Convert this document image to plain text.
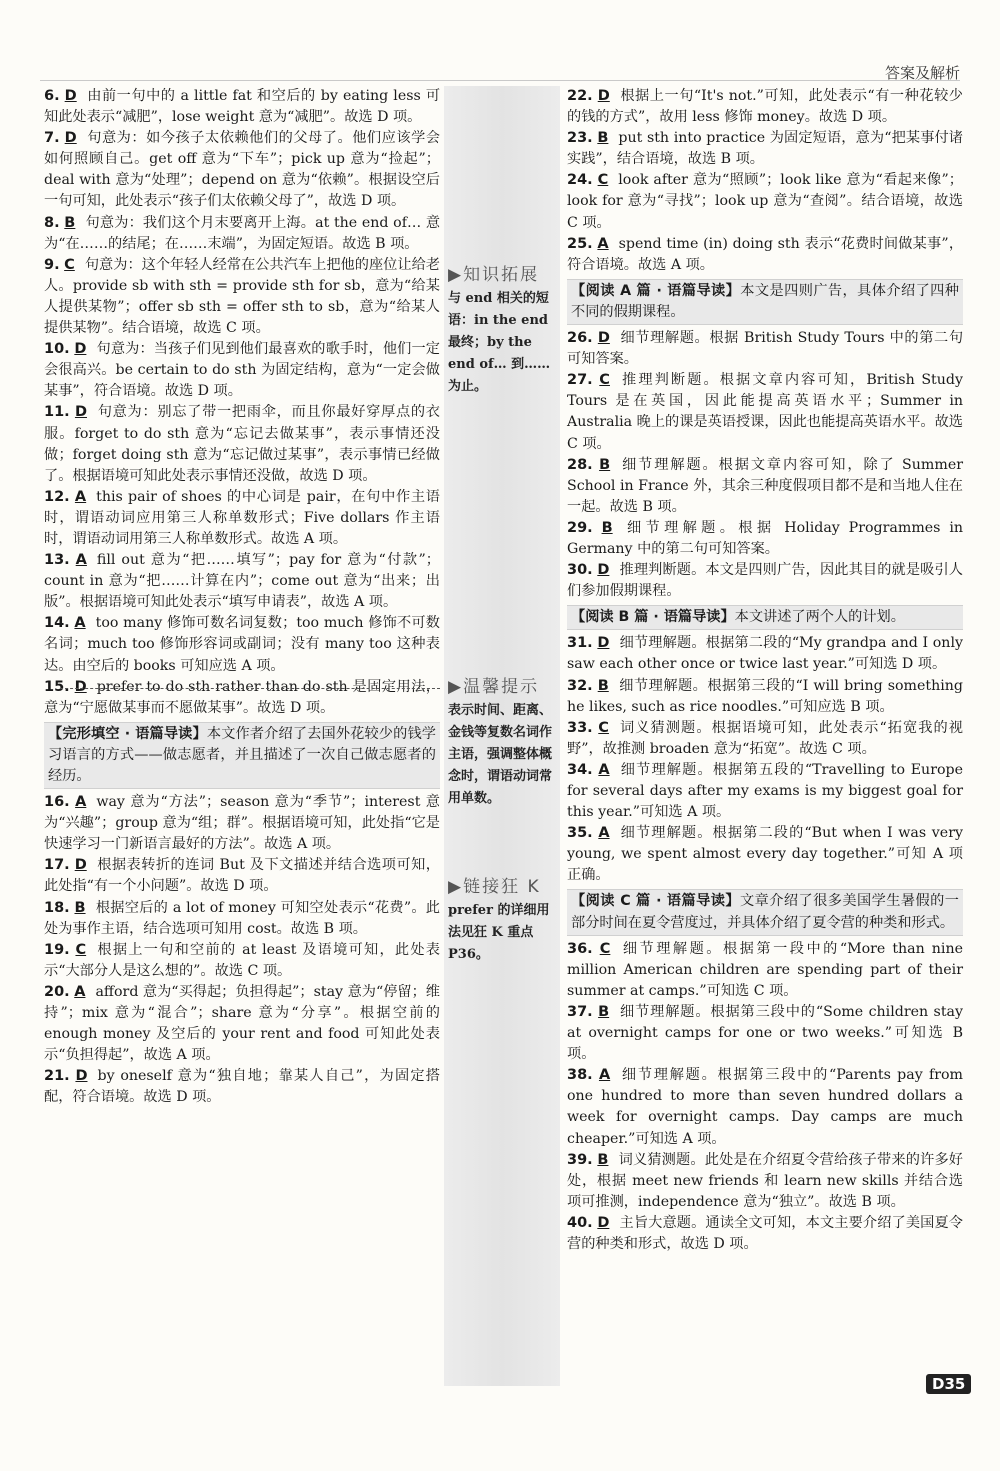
答案及解析

6. D 由前一句中的 a little fat 和空后的 by eating less 可知此处表示“减肥”，lose weight 意为“减肥”。故选 D 项。

7. D 句意为：如今孩子太依赖他们的父母了。他们应该学会如何照顾自己。get off 意为“下车”；pick up 意为“捡起”；deal with 意为“处理”；depend on 意为“依赖”。根据设空后一句可知，此处表示“孩子们太依赖父母了”，故选 D 项。

8. B 句意为：我们这个月末要离开上海。at the end of… 意为“在……的结尾；在……末端”，为固定短语。故选 B 项。

9. C 句意为：这个年轻人经常在公共汽车上把他的座位让给老人。provide sb with sth = provide sth for sb，意为“给某人提供某物”；offer sb sth = offer sth to sb，意为“给某人提供某物”。结合语境，故选 C 项。

10. D 句意为：当孩子们见到他们最喜欢的歌手时，他们一定会很高兴。be certain to do sth 为固定结构，意为“一定会做某事”，符合语境。故选 D 项。

11. D 句意为：别忘了带一把雨伞，而且你最好穿厚点的衣服。forget to do sth 意为“忘记去做某事”，表示事情还没做；forget doing sth 意为“忘记做过某事”，表示事情已经做了。根据语境可知此处表示事情还没做，故选 D 项。

12. A this pair of shoes 的中心词是 pair，在句中作主语时，谓语动词应用第三人称单数形式；Five dollars 作主语时，谓语动词用第三人称单数形式。故选 A 项。

13. A fill out 意为“把……填写”；pay for 意为“付款”；count in 意为“把……计算在内”；come out 意为“出来；出版”。根据语境可知此处表示“填写申请表”，故选 A 项。

14. A too many 修饰可数名词复数；too much 修饰不可数名词；much too 修饰形容词或副词；没有 many too 这种表达。由空后的 books 可知应选 A 项。

15. D prefer to do sth rather than do sth 是固定用法，意为“宁愿做某事而不愿做某事”。故选 D 项。

【完形填空 · 语篇导读】本文作者介绍了去国外花较少的钱学习语言的方式——做志愿者，并且描述了一次自己做志愿者的经历。

16. A way 意为“方法”；season 意为“季节”；interest 意为“兴趣”；group 意为“组；群”。根据语境可知，此处指“它是快速学习一门新语言最好的方法”。故选 A 项。

17. D 根据表转折的连词 But 及下文描述并结合选项可知，此处指“有一个小问题”。故选 D 项。

18. B 根据空后的 a lot of money 可知空处表示“花费”。此处为事作主语，结合选项可知用 cost。故选 B 项。

19. C 根据上一句和空前的 at least 及语境可知，此处表示“大部分人是这么想的”。故选 C 项。

20. A afford 意为“买得起；负担得起”；stay 意为“停留；维持”；mix 意为“混合”；share 意为“分享”。根据空前的 enough money 及空后的 your rent and food 可知此处表示“负担得起”，故选 A 项。

21. D by oneself 意为“独自地；靠某人自己”，为固定搭配，符合语境。故选 D 项。

22. D 根据上一句“It's not.”可知，此处表示“有一种花较少的钱的方式”，故用 less 修饰 money。故选 D 项。

23. B put sth into practice 为固定短语，意为“把某事付诸实践”，结合语境，故选 B 项。

24. C look after 意为“照顾”；look like 意为“看起来像”；look for 意为“寻找”；look up 意为“查阅”。结合语境，故选 C 项。

25. A spend time (in) doing sth 表示“花费时间做某事”，符合语境。故选 A 项。

【阅读 A 篇 · 语篇导读】本文是四则广告，具体介绍了四种不同的假期课程。

26. D 细节理解题。根据 British Study Tours 中的第二句可知答案。

27. C 推理判断题。根据文章内容可知，British Study Tours 是在英国，因此能提高英语水平；Summer in Australia 晚上的课是英语授课，因此也能提高英语水平。故选 C 项。

28. B 细节理解题。根据文章内容可知，除了 Summer School in France 外，其余三种度假项目都不是和当地人住在一起。故选 B 项。

29. B 细节理解题。根据 Holiday Programmes in Germany 中的第二句可知答案。

30. D 推理判断题。本文是四则广告，因此其目的就是吸引人们参加假期课程。

【阅读 B 篇 · 语篇导读】本文讲述了两个人的计划。

31. D 细节理解题。根据第二段的“My grandpa and I only saw each other once or twice last year.”可知选 D 项。

32. B 细节理解题。根据第三段的“I will bring something he likes, such as rice noodles.”可知应选 B 项。

33. C 词义猜测题。根据语境可知，此处表示“拓宽我的视野”，故推测 broaden 意为“拓宽”。故选 C 项。

34. A 细节理解题。根据第五段的“Travelling to Europe for several days after my exams is my biggest goal for this year.”可知选 A 项。

35. A 细节理解题。根据第二段的“But when I was very young, we spent almost every day together.”可知 A 项正确。

【阅读 C 篇 · 语篇导读】文章介绍了很多美国学生暑假的一部分时间在夏令营度过，并具体介绍了夏令营的种类和形式。

36. C 细节理解题。根据第一段中的“More than nine million American children are spending part of their summer at camps.”可知选 C 项。

37. B 细节理解题。根据第三段中的“Some children stay at overnight camps for one or two weeks.”可知选 B 项。

38. A 细节理解题。根据第三段中的“Parents pay from one hundred to more than seven hundred dollars a week for overnight camps. Day camps are much cheaper.”可知选 A 项。

39. B 词义猜测题。此处是在介绍夏令营给孩子带来的许多好处，根据 meet new friends 和 learn new skills 并结合选项可推测，independence 意为“独立”。故选 B 项。

40. D 主旨大意题。通读全文可知，本文主要介绍了美国夏令营的种类和形式，故选 D 项。

▶知识拓展
与 end 相关的短语：in the end 最终；by the end of… 到……为止。
▶温馨提示
表示时间、距离、金钱等复数名词作主语，强调整体概念时，谓语动词常用单数。
▶链接狂 K
prefer 的详细用法见狂 K 重点 P36。
D35
